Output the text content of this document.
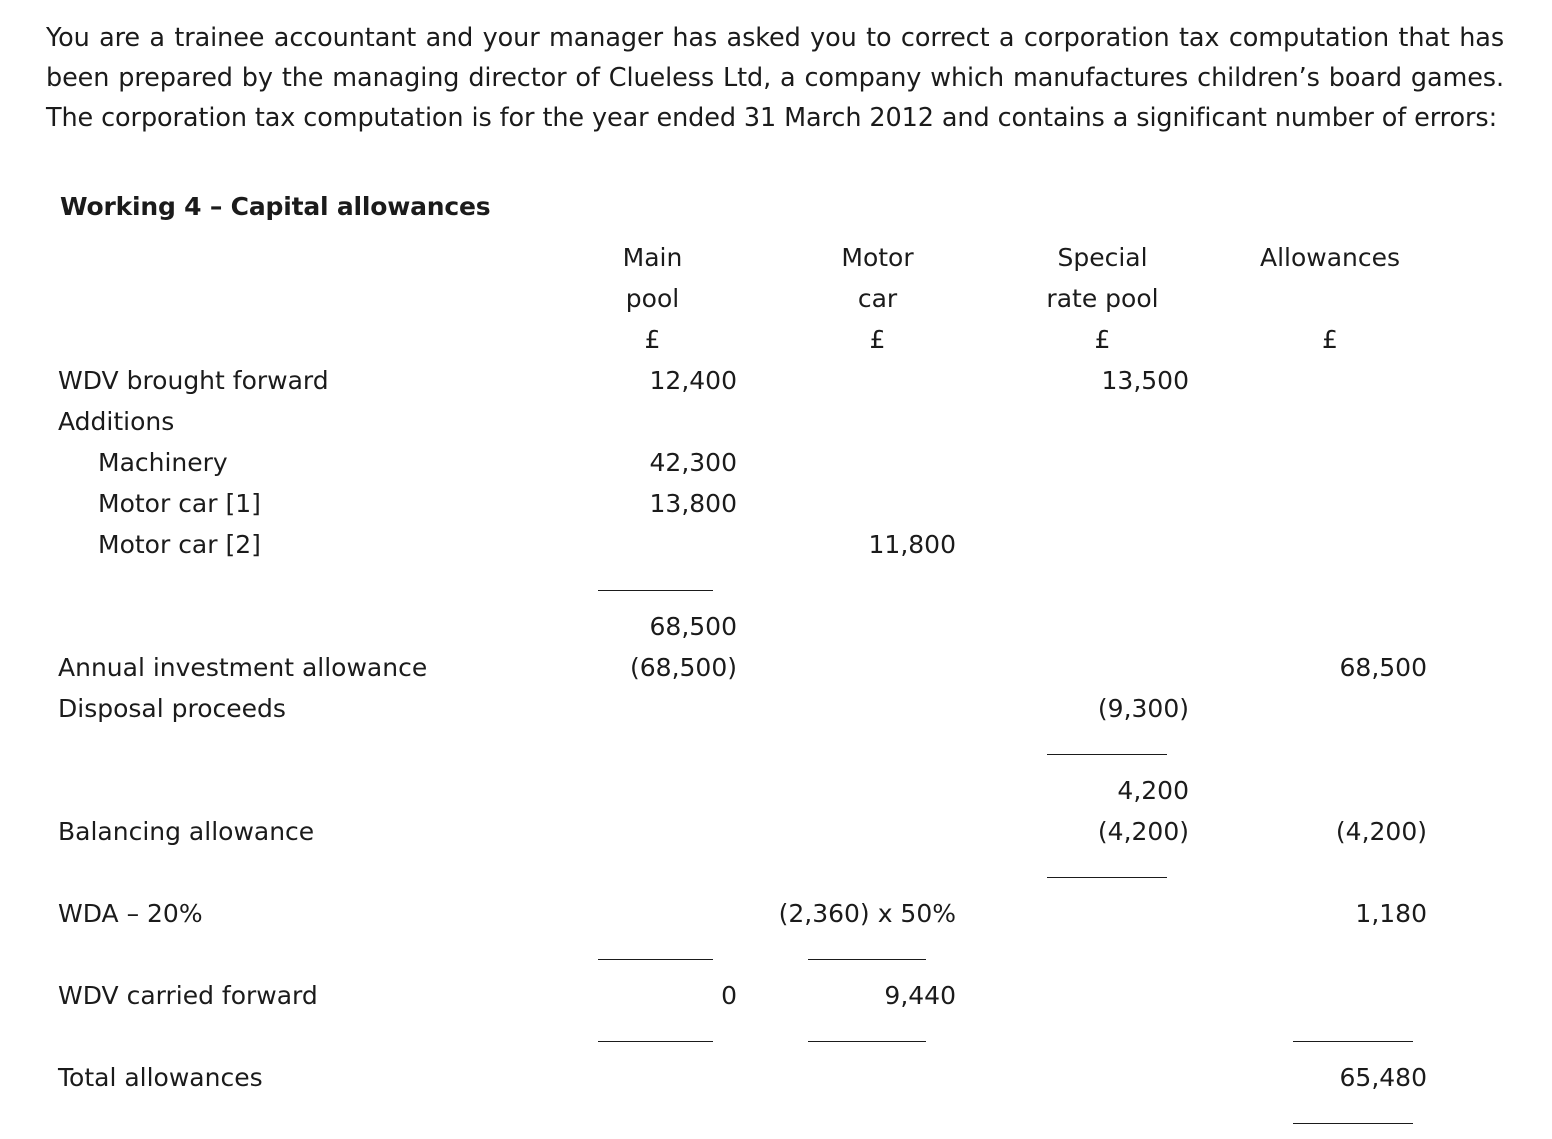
You are a trainee accountant and your manager has asked you to correct a corporation tax computation that has been prepared by the managing director of Clueless Ltd, a company which manufactures children’s board games. The corporation tax computation is for the year ended 31 March 2012 and contains a significant number of errors:

Working 4 – Capital allowances
	Main	Motor	Special	Allowances
	pool	car	rate pool	
	£	£	£	£
WDV brought forward	12,400		13,500	
Additions				
Machinery	42,300			
Motor car [1]	13,800			
Motor car [2]		11,800		

	68,500			
Annual investment allowance	(68,500)			68,500
Disposal proceeds			(9,300)	

			4,200	
Balancing allowance			(4,200)	(4,200)

WDA – 20%		(2,360) x 50%		1,180

WDV carried forward	0	9,440		

Total allowances				65,480
